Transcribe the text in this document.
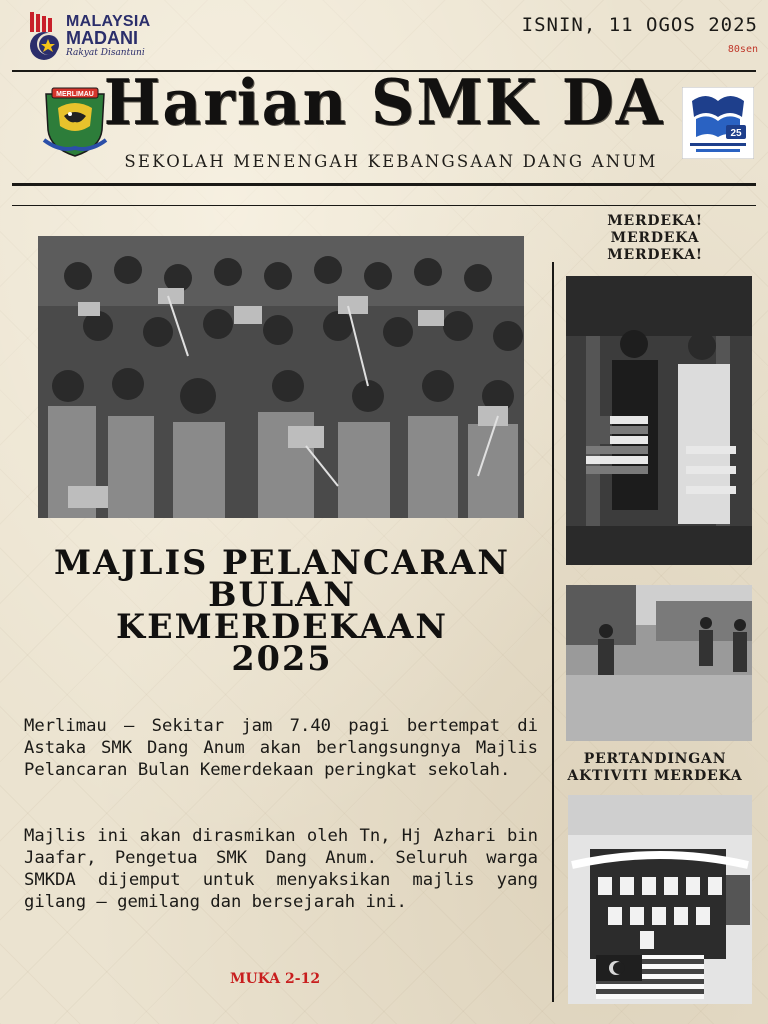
MALAYSIA
MADANI
Rakyat Disantuni
ISNIN, 11 OGOS 2025
80sen
MERLIMAU Harian SMK DA	25
SEKOLAH MENENGAH KEBANGSAAN DANG ANUM
MAJLIS PELANCARAN
BULAN
KEMERDEKAAN
2025
Merlimau – Sekitar jam 7.40 pagi bertempat di Astaka SMK Dang Anum akan berlangsungnya Majlis Pelancaran Bulan Kemerdekaan peringkat sekolah.
Majlis ini akan dirasmikan oleh Tn, Hj Azhari bin Jaafar, Pengetua SMK Dang Anum. Seluruh warga SMKDA dijemput untuk menyaksikan majlis yang gilang – gemilang dan bersejarah ini.
MUKA 2-12
MERDEKA!
MERDEKA
MERDEKA!
PERTANDINGAN
AKTIVITI MERDEKA
